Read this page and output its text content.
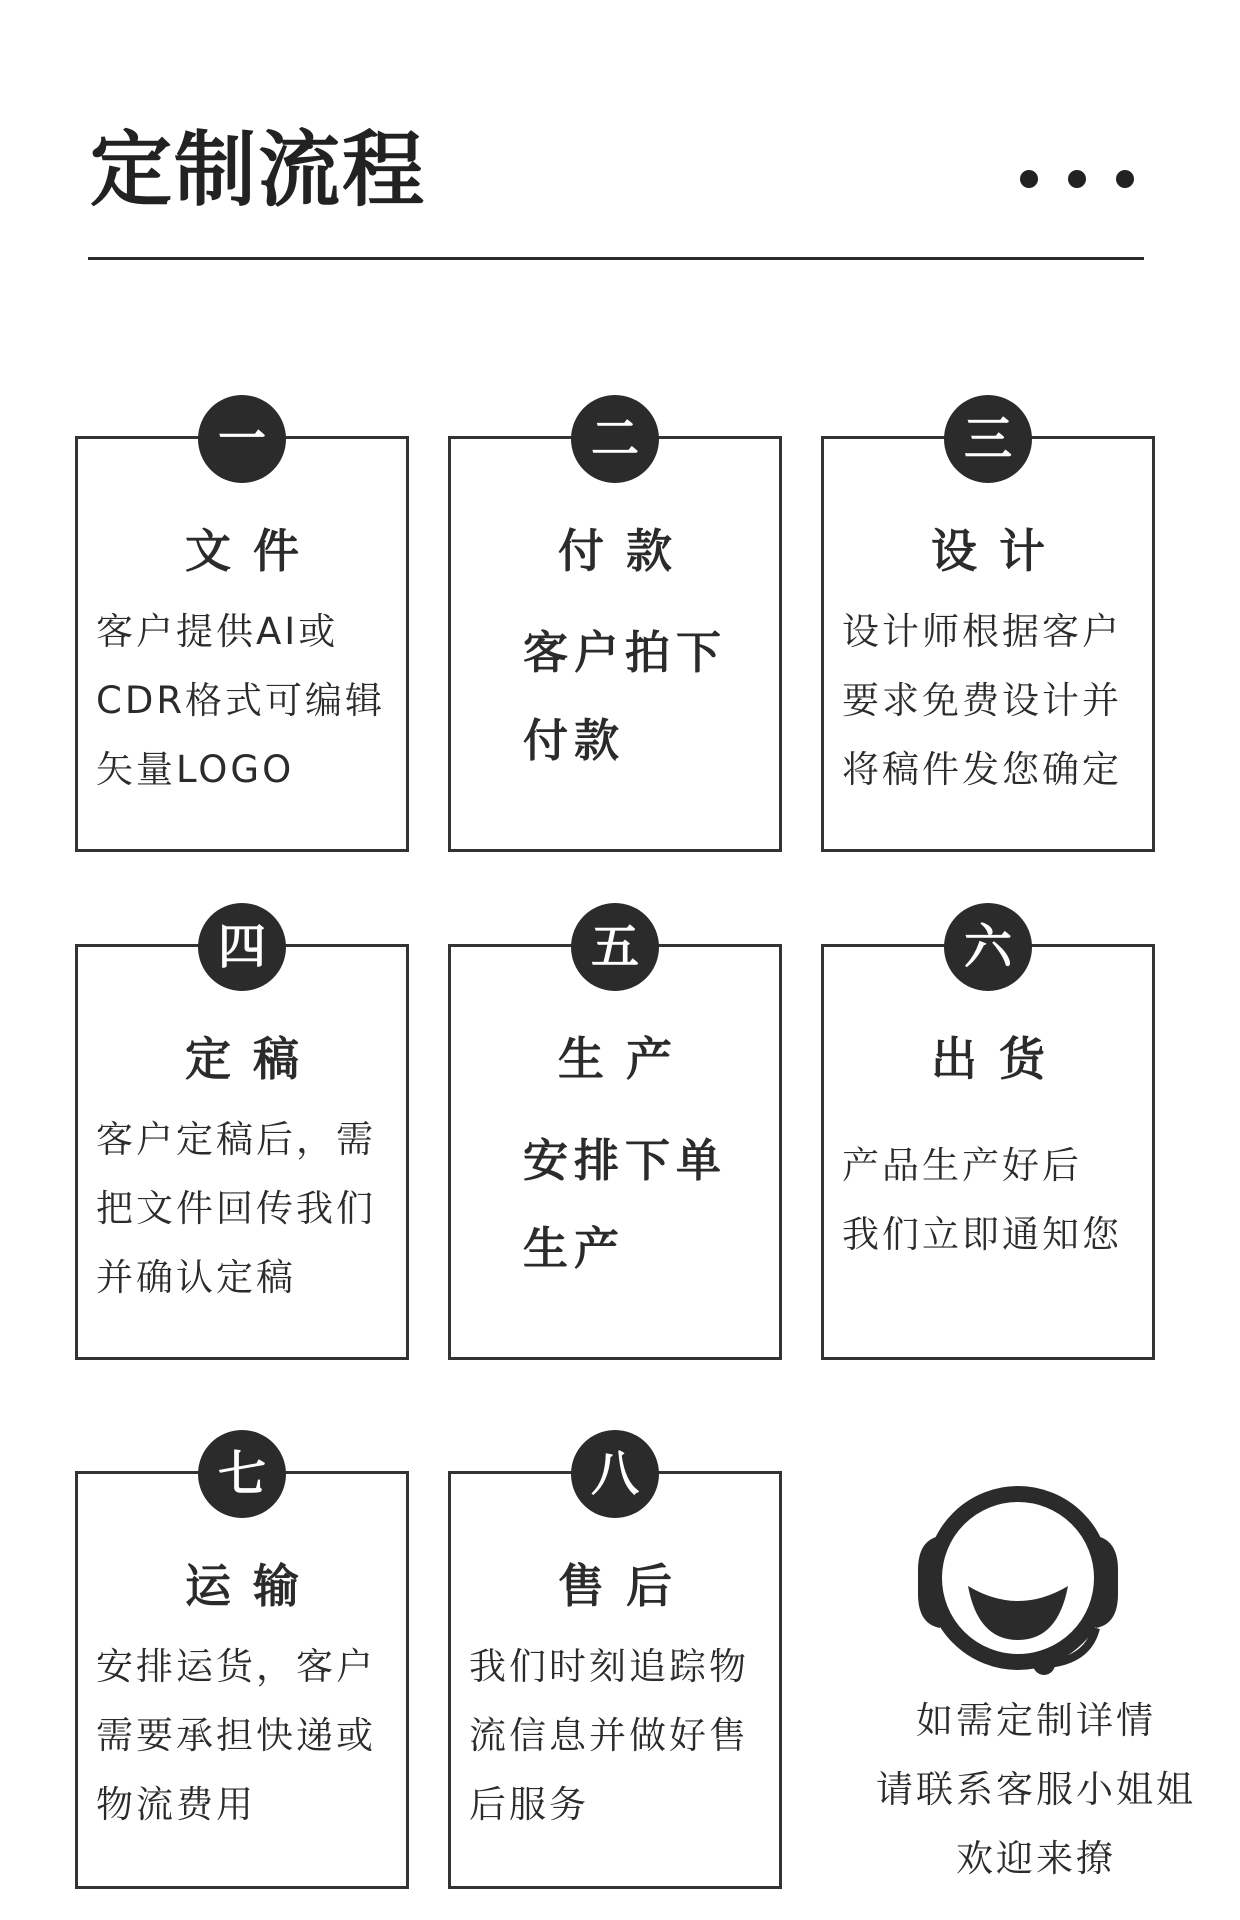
定制流程
一
文件
客户提供AI或
CDR格式可编辑
矢量LOGO
二
付款
客户拍下
付款
三
设计
设计师根据客户
要求免费设计并
将稿件发您确定
四
定稿
客户定稿后，需
把文件回传我们
并确认定稿
五
生产
安排下单
生产
六
出货
产品生产好后
我们立即通知您
七
运输
安排运货，客户
需要承担快递或
物流费用
八
售后
我们时刻追踪物
流信息并做好售
后服务
如需定制详情
请联系客服小姐姐
欢迎来撩
